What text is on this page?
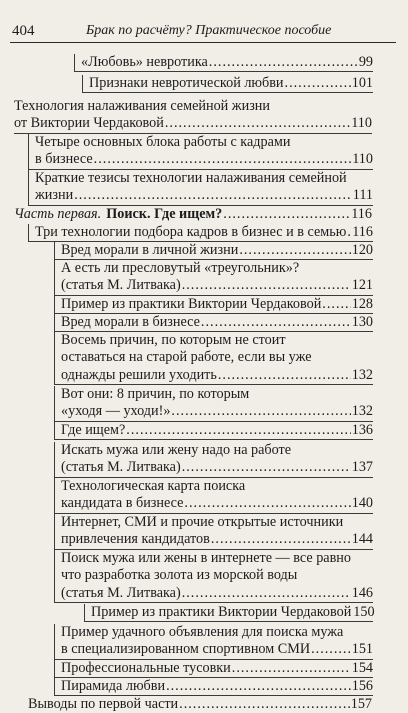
404	Брак по расчёту? Практическое пособие
«Любовь» невротика .....	99
Признаки невротической любви .....	101
Технология налаживания семейной жизни
от Виктории Чердаковой .....	110
Четыре основных блока работы с кадрами
в бизнесе .....	110
Краткие тезисы технологии налаживания семейной
жизни .....	111
Часть первая. Поиск. Где ищем? .....	116
Три технологии подбора кадров в бизнес и в семью ..... 116
Вред морали в личной жизни .....	120
А есть ли пресловутый «треугольник»?
(статья М. Литвака) .....	121
Пример из практики Виктории Чердаковой ..... 128
Вред морали в бизнесе .....	130
Восемь причин, по которым не стоит
оставаться на старой работе, если вы уже
однажды решили уходить .....	132
Вот они: 8 причин, по которым
«уходя — уходи!» .....	132
Где ищем? .....	136
Искать мужа или жену надо на работе
(статья М. Литвака) .....	137
Технологическая карта поиска
кандидата в бизнесе .....	140
Интернет, СМИ и прочие открытые источники
привлечения кандидатов .....	144
Поиск мужа или жены в интернете — все равно
что разработка золота из морской воды
(статья М. Литвака) .....	146
Пример из практики Виктории Чердаковой 150
Пример удачного объявления для поиска мужа
в специализированном спортивном СМИ .....	151
Профессиональные тусовки .....	154
Пирамида любви .....	156
Выводы по первой части .....	157
